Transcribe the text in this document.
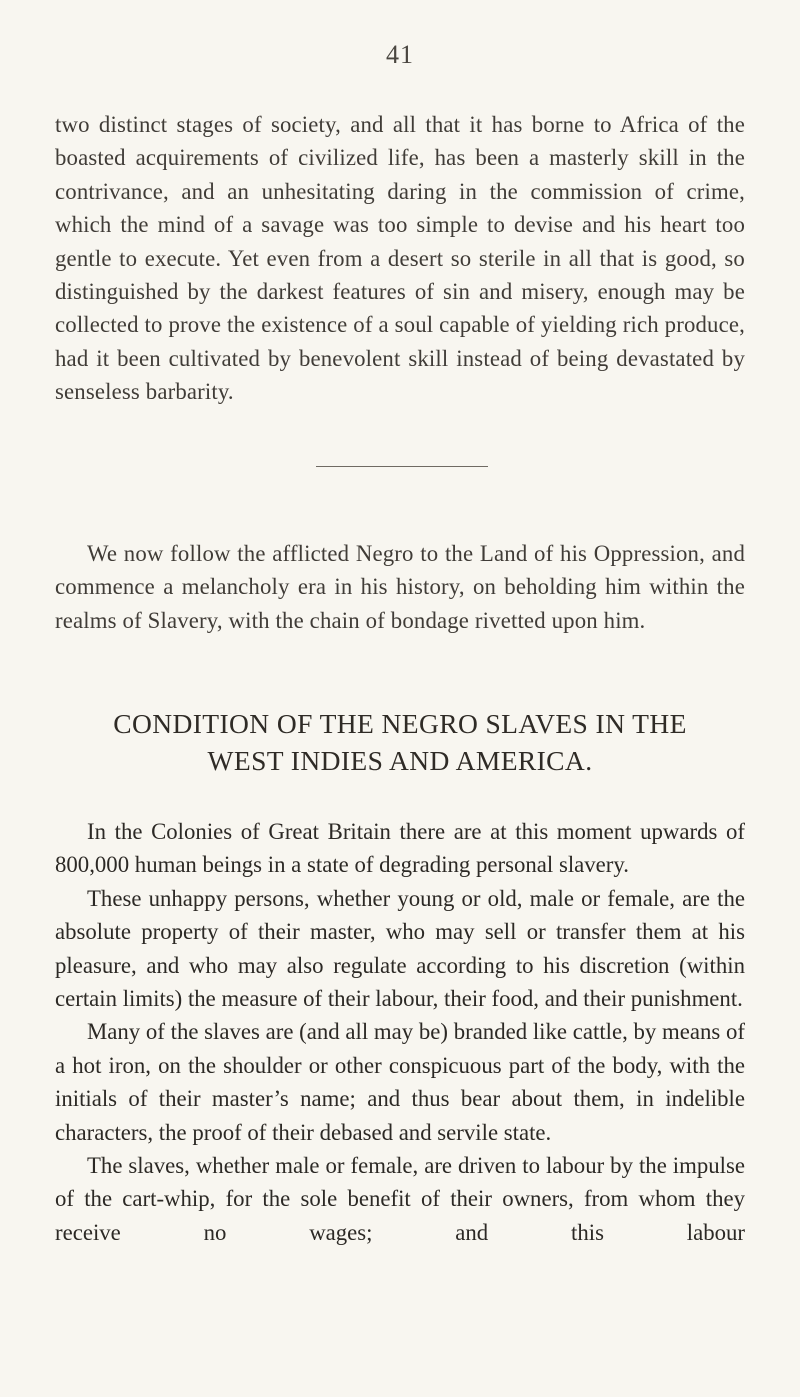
41
two distinct stages of society, and all that it has borne to Africa of the boasted acquirements of civilized life, has been a masterly skill in the contrivance, and an unhesitating daring in the commission of crime, which the mind of a savage was too simple to devise and his heart too gentle to execute. Yet even from a desert so sterile in all that is good, so distinguished by the darkest features of sin and misery, enough may be collected to prove the existence of a soul capable of yielding rich produce, had it been cultivated by benevolent skill instead of being devastated by senseless barbarity.
We now follow the afflicted Negro to the Land of his Oppression, and commence a melancholy era in his history, on beholding him within the realms of Slavery, with the chain of bondage rivetted upon him.
CONDITION OF THE NEGRO SLAVES IN THE
WEST INDIES AND AMERICA.

In the Colonies of Great Britain there are at this moment upwards of 800,000 human beings in a state of degrading personal slavery.

These unhappy persons, whether young or old, male or female, are the absolute property of their master, who may sell or transfer them at his pleasure, and who may also regulate according to his discretion (within certain limits) the measure of their labour, their food, and their punishment.

Many of the slaves are (and all may be) branded like cattle, by means of a hot iron, on the shoulder or other conspicuous part of the body, with the initials of their master’s name; and thus bear about them, in indelible characters, the proof of their debased and servile state.

The slaves, whether male or female, are driven to labour by the impulse of the cart-whip, for the sole benefit of their owners, from whom they receive no wages; and this labour
